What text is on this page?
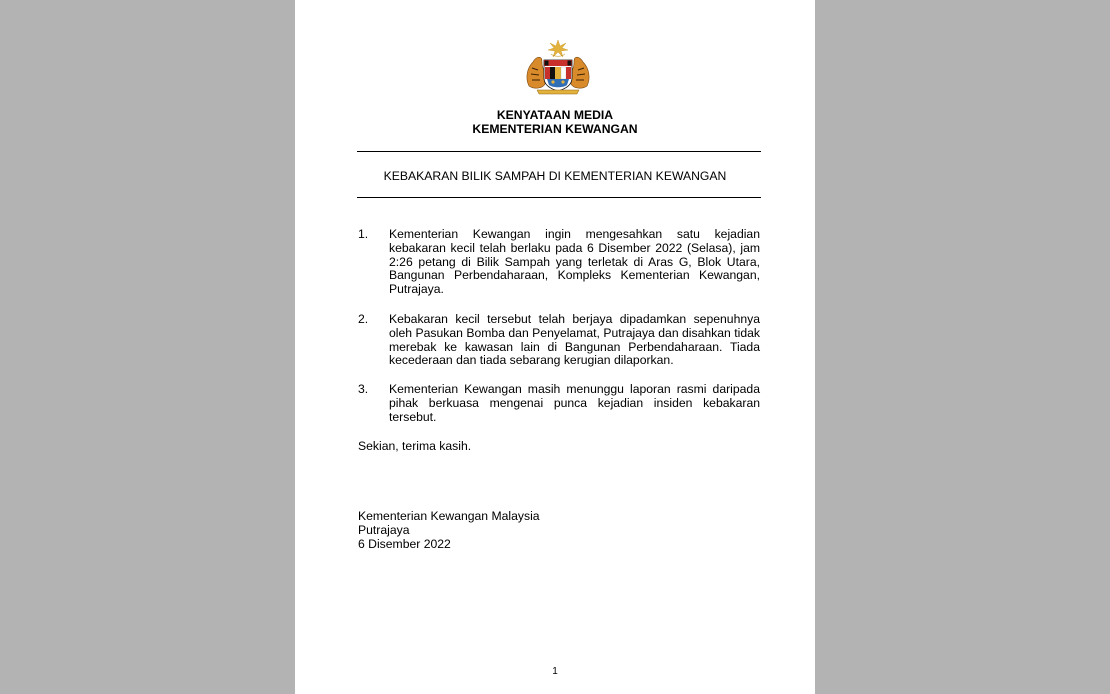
KENYATAAN MEDIA
KEMENTERIAN KEWANGAN
KEBAKARAN BILIK SAMPAH DI KEMENTERIAN KEWANGAN
1. Kementerian Kewangan ingin mengesahkan satu kejadian kebakaran kecil telah berlaku pada 6 Disember 2022 (Selasa), jam 2:26 petang di Bilik Sampah yang terletak di Aras G, Blok Utara, Bangunan Perbendaharaan, Kompleks Kementerian Kewangan, Putrajaya.
2. Kebakaran kecil tersebut telah berjaya dipadamkan sepenuhnya oleh Pasukan Bomba dan Penyelamat, Putrajaya dan disahkan tidak merebak ke kawasan lain di Bangunan Perbendaharaan. Tiada kecederaan dan tiada sebarang kerugian dilaporkan.
3. Kementerian Kewangan masih menunggu laporan rasmi daripada pihak berkuasa mengenai punca kejadian insiden kebakaran tersebut.
Sekian, terima kasih.
Kementerian Kewangan Malaysia
Putrajaya
6 Disember 2022
1
